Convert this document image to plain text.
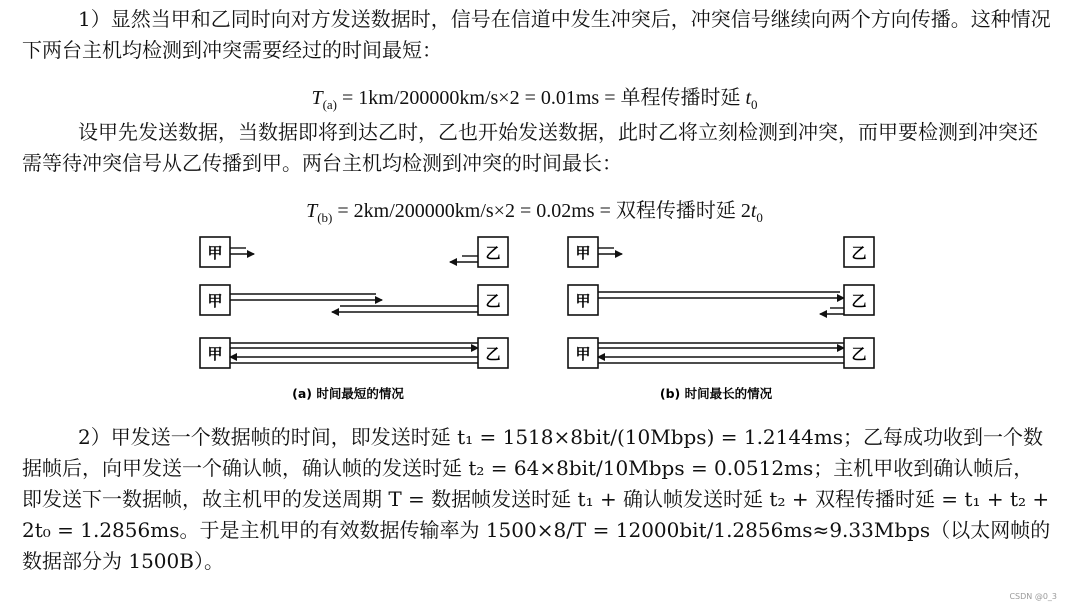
1）显然当甲和乙同时向对方发送数据时，信号在信道中发生冲突后，冲突信号继续向两个方向传播。这种情况下两台主机均检测到冲突需要经过的时间最短：

$T_{(a)} = 1km/200000km/s\times 2 = 0.01ms$ = 单程传播时延 $t_0$

设甲先发送数据，当数据即将到达乙时，乙也开始发送数据，此时乙将立刻检测到冲突，而甲要检测到冲突还需等待冲突信号从乙传播到甲。两台主机均检测到冲突的时间最长：

$T_{(b)} = 2km/200000km/s\times 2 = 0.02ms$ = 双程传播时延 $2t_0$
甲	乙
甲	乙
甲	乙
(a) 时间最短的情况
甲	乙
甲	乙
甲	乙
(b) 时间最长的情况

2）甲发送一个数据帧的时间，即发送时延 t₁ = 1518×8bit/(10Mbps) = 1.2144ms；乙每成功收到一个数据帧后，向甲发送一个确认帧，确认帧的发送时延 t₂ = 64×8bit/10Mbps = 0.0512ms；主机甲收到确认帧后，即发送下一数据帧，故主机甲的发送周期 T = 数据帧发送时延 t₁ + 确认帧发送时延 t₂ + 双程传播时延 = t₁ + t₂ + 2t₀ = 1.2856ms。于是主机甲的有效数据传输率为 1500×8/T = 12000bit/1.2856ms≈9.33Mbps（以太网帧的数据部分为 1500B）。

CSDN @0_3
